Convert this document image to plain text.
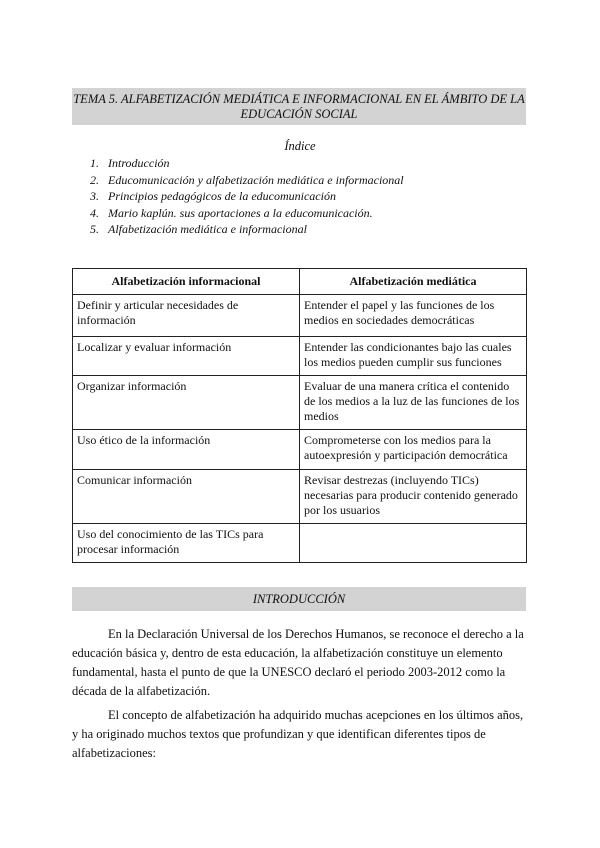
TEMA 5. ALFABETIZACIÓN MEDIÁTICA E INFORMACIONAL EN EL ÁMBITO DE LA EDUCACIÓN SOCIAL
Índice
1. Introducción
2. Educomunicación y alfabetización mediática e informacional
3. Principios pedagógicos de la educomunicación
4. Mario kaplún. sus aportaciones a la educomunicación.
5. Alfabetización mediática e informacional
Alfabetización informacional	Alfabetización mediática
Definir y articular necesidades de información	Entender el papel y las funciones de los medios en sociedades democráticas
Localizar y evaluar información	Entender las condicionantes bajo las cuales los medios pueden cumplir sus funciones
Organizar información	Evaluar de una manera crítica el contenido de los medios a la luz de las funciones de los medios
Uso ético de la información	Comprometerse con los medios para la autoexpresión y participación democrática
Comunicar información	Revisar destrezas (incluyendo TICs) necesarias para producir contenido generado por los usuarios
Uso del conocimiento de las TICs para procesar información	
INTRODUCCIÓN

En la Declaración Universal de los Derechos Humanos, se reconoce el derecho a la educación básica y, dentro de esta educación, la alfabetización constituye un elemento fundamental, hasta el punto de que la UNESCO declaró el periodo 2003-2012 como la década de la alfabetización.

El concepto de alfabetización ha adquirido muchas acepciones en los últimos años, y ha originado muchos textos que profundizan y que identifican diferentes tipos de alfabetizaciones:
